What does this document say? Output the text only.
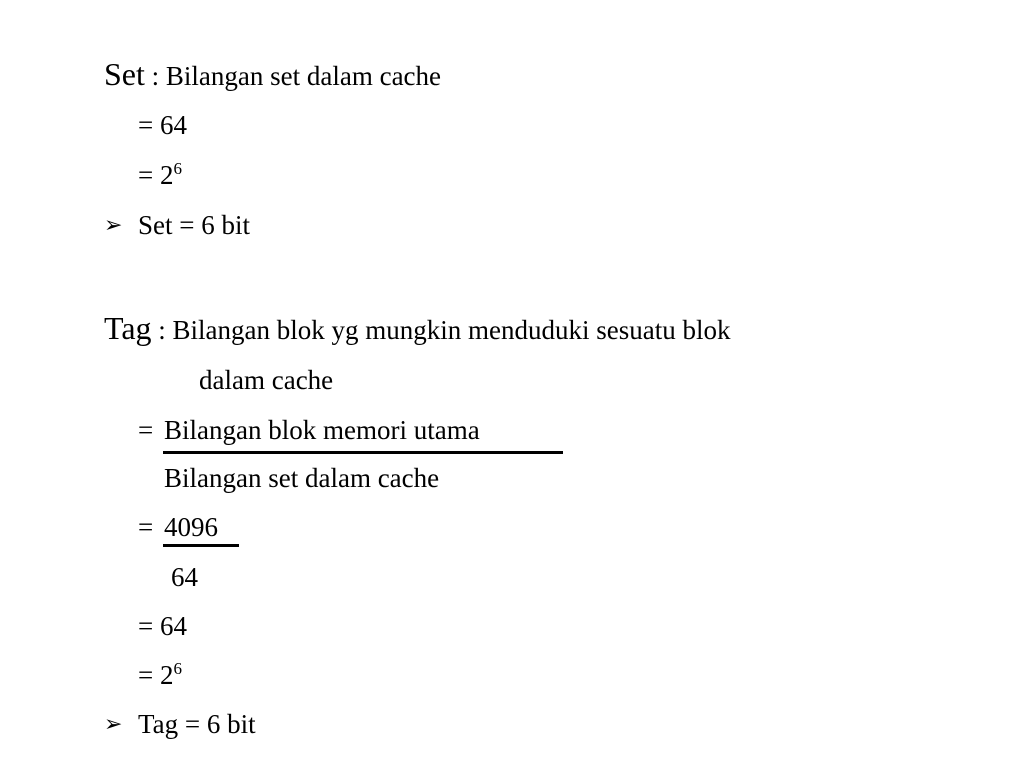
Set : Bilangan set dalam cache
= 64
= $2^6$
➢ Set = 6 bit
Tag : Bilangan blok yg mungkin menduduki sesuatu blok
dalam cache
= Bilangan blok memori utama
Bilangan set dalam cache
= 4096
64
= 64
= $2^6$
➢ Tag = 6 bit
